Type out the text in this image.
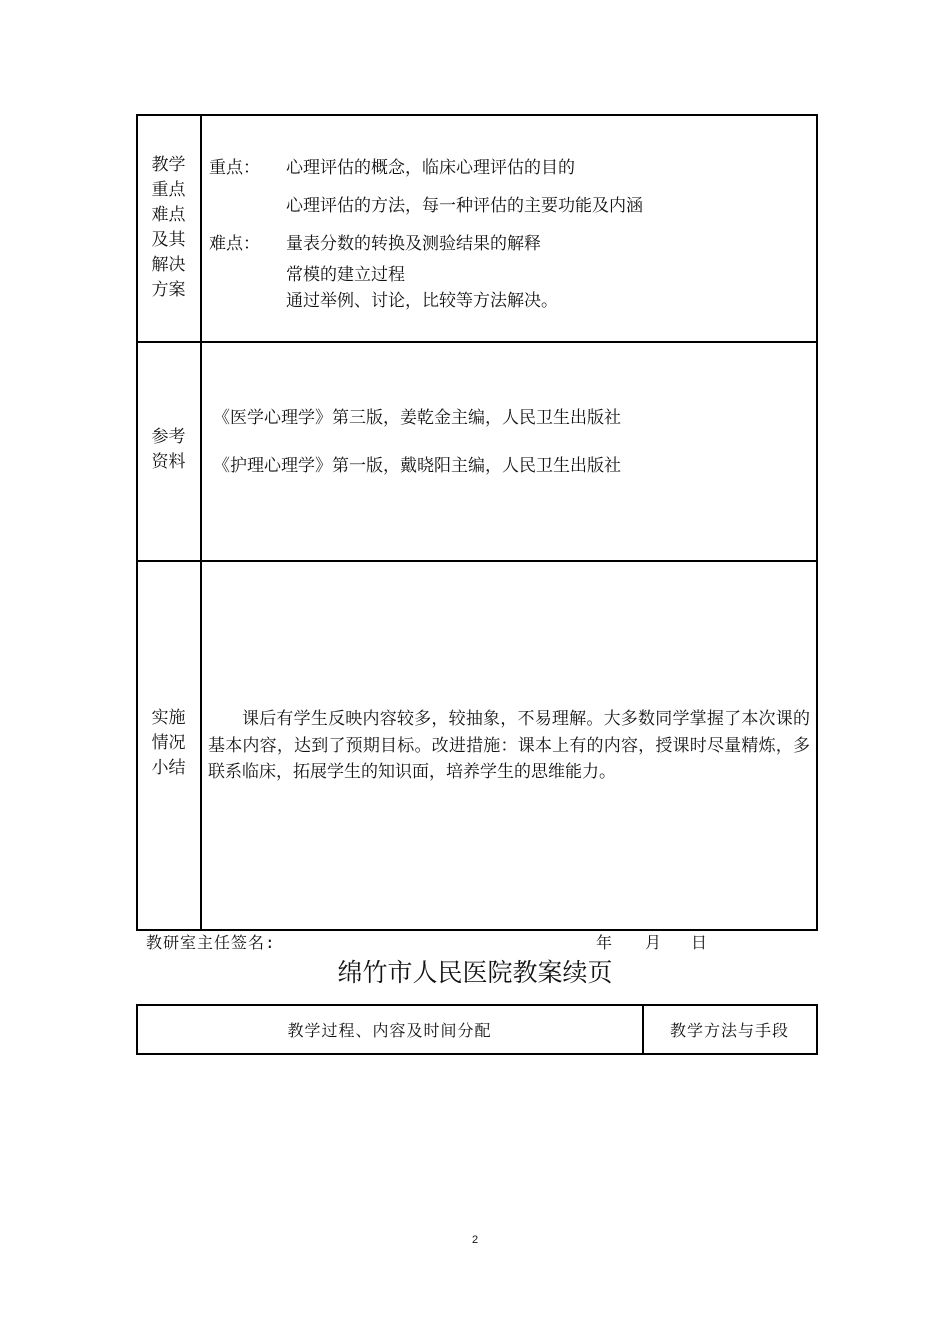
教学
重点
难点
及其
解决
方案
重点： 心理评估的概念，临床心理评估的目的
心理评估的方法，每一种评估的主要功能及内涵
难点： 量表分数的转换及测验结果的解释
常模的建立过程
通过举例、讨论，比较等方法解决。
参考
资料
《医学心理学》第三版，姜乾金主编，人民卫生出版社
《护理心理学》第一版，戴晓阳主编，人民卫生出版社
实施
情况
小结
课后有学生反映内容较多，较抽象，不易理解。大多数同学掌握了本次课的基本内容，达到了预期目标。改进措施：课本上有的内容，授课时尽量精炼，多联系临床，拓展学生的知识面，培养学生的思维能力。
教研室主任签名:	年 月 日
绵竹市人民医院教案续页
教学过程、内容及时间分配	教学方法与手段
2
